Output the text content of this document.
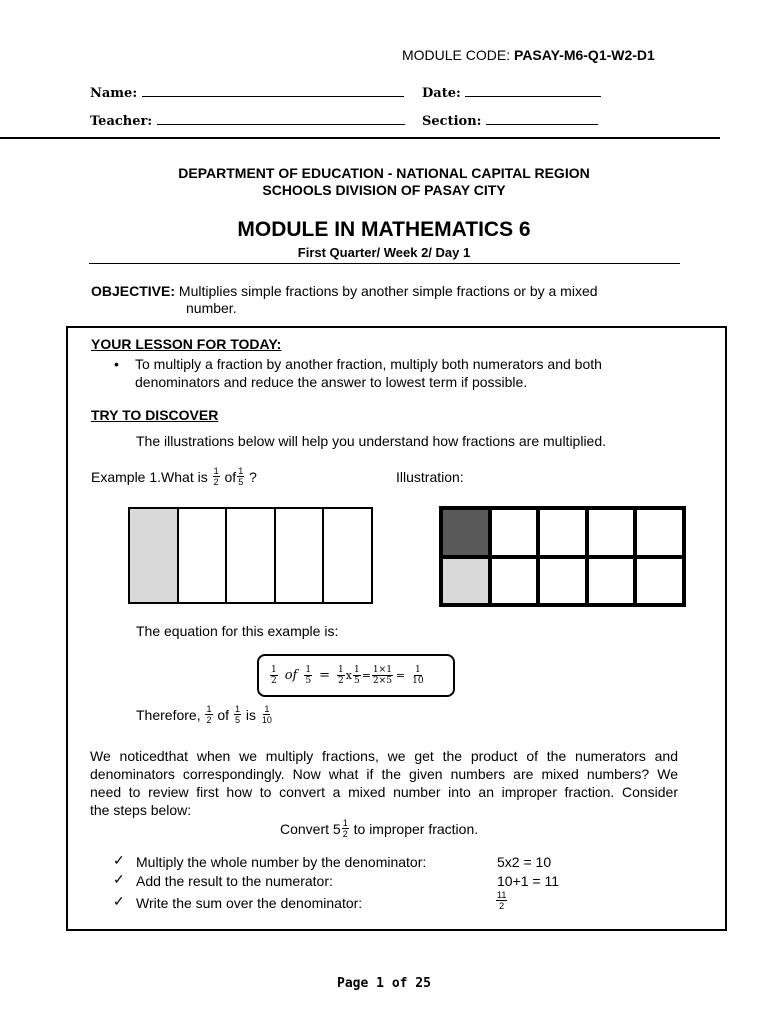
MODULE CODE: PASAY-M6-Q1-W2-D1
Name:	Date:
Teacher:	Section:
DEPARTMENT OF EDUCATION - NATIONAL CAPITAL REGION
SCHOOLS DIVISION OF PASAY CITY
MODULE IN MATHEMATICS 6
First Quarter/ Week 2/ Day 1
OBJECTIVE: Multiplies simple fractions by another simple fractions or by a mixed
number.
YOUR LESSON FOR TODAY:
•	To multiply a fraction by another fraction, multiply both numerators and both
denominators and reduce the answer to lowest term if possible.
TRY TO DISCOVER
The illustrations below will help you understand how fractions are multiplied.
Example 1.What is $\frac{1}{2}$ of $\frac{1}{5}$ ?	Illustration:
The equation for this example is:
$\frac{1}{2}$ of $\frac{1}{5} = \frac{1}{2}$ x $\frac{1}{5} = \frac{1\times 1}{2\times 5} = \frac{1}{10}$
Therefore, $\frac{1}{2}$ of $\frac{1}{5}$ is $\frac{1}{10}$
We noticedthat when we multiply fractions, we get the product of the numerators and
denominators correspondingly. Now what if the given numbers are mixed numbers? We
need to review first how to convert a mixed number into an improper fraction. Consider
the steps below:
Convert $5 \frac{1}{2}$ to improper fraction.
✓ Multiply the whole number by the denominator:	5x2 = 10
✓ Add the result to the numerator:	10+1 = 11
✓ Write the sum over the denominator:	$\frac{11}{2}$
Page 1 of 25
